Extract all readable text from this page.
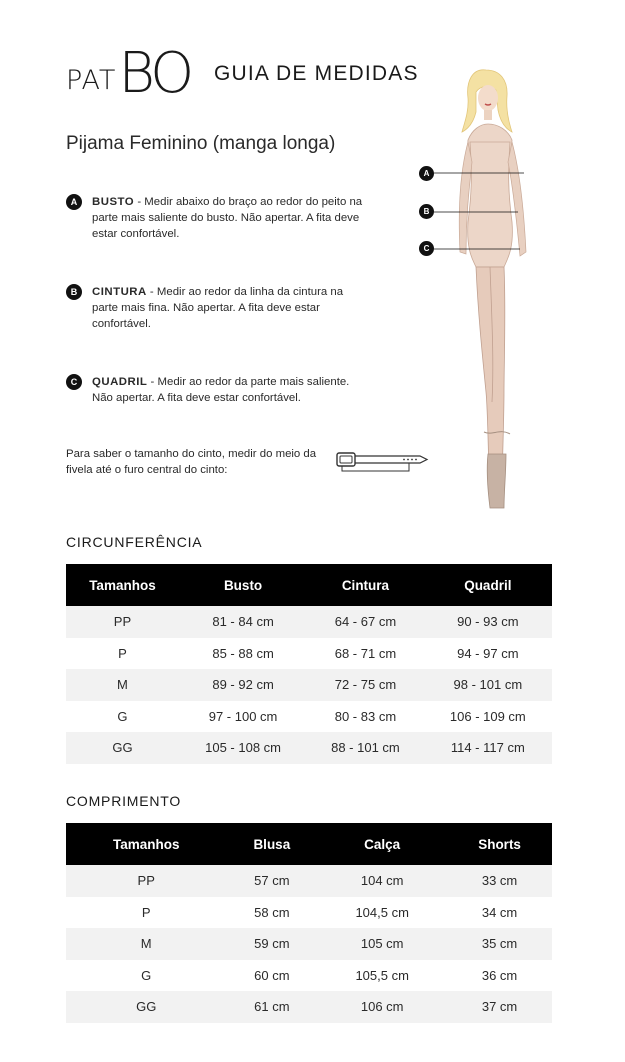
PAT BO GUIA DE MEDIDAS
Pijama Feminino (manga longa)
A	BUSTO - Medir abaixo do braço ao redor do peito na parte mais saliente do busto. Não apertar. A fita deve estar confortável.
B	CINTURA - Medir ao redor da linha da cintura na parte mais fina. Não apertar. A fita deve estar confortável.
C	QUADRIL - Medir ao redor da parte mais saliente. Não apertar. A fita deve estar confortável.
Para saber o tamanho do cinto, medir do meio da fivela até o furo central do cinto:
A
B
C
CIRCUNFERÊNCIA
Tamanhos	Busto	Cintura	Quadril
PP	81 - 84 cm	64 - 67 cm	90 - 93 cm
P	85 - 88 cm	68 - 71 cm	94 - 97 cm
M	89 - 92 cm	72 - 75 cm	98 - 101 cm
G	97 - 100 cm	80 - 83 cm	106 - 109 cm
GG	105 - 108 cm	88 - 101 cm	114 - 117 cm
COMPRIMENTO
Tamanhos	Blusa	Calça	Shorts
PP	57 cm	104 cm	33 cm
P	58 cm	104,5 cm	34 cm
M	59 cm	105 cm	35 cm
G	60 cm	105,5 cm	36 cm
GG	61 cm	106 cm	37 cm
